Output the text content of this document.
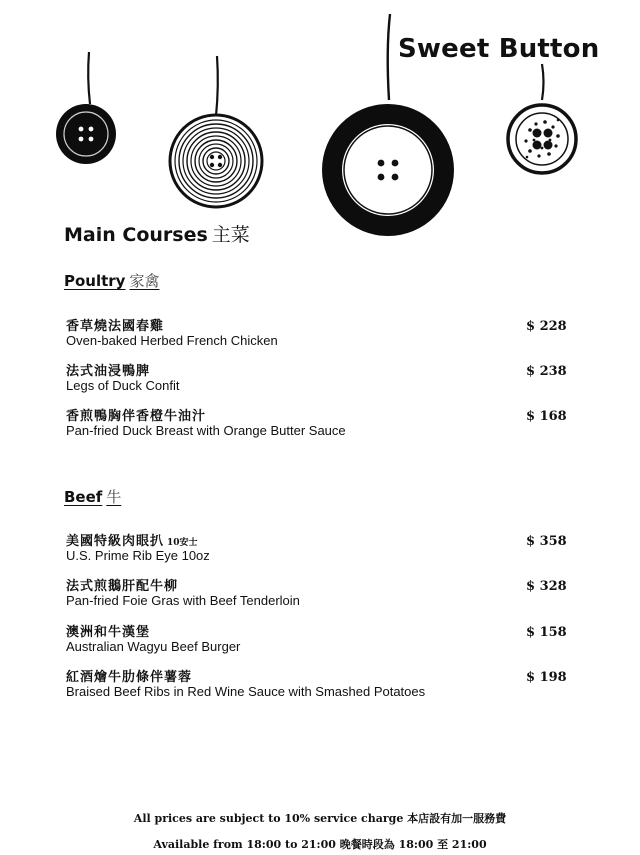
Sweet Button
Main Courses 主菜
Poultry 家禽
香草燒法國春雞
Oven-baked Herbed French Chicken
$ 228
法式油浸鴨脾
Legs of Duck Confit
$ 238
香煎鴨胸伴香橙牛油汁
Pan-fried Duck Breast with Orange Butter Sauce
$ 168
Beef 牛
美國特級肉眼扒 10安士
U.S. Prime Rib Eye 10oz
$ 358
法式煎鵝肝配牛柳
Pan-fried Foie Gras with Beef Tenderloin
$ 328
澳洲和牛漢堡
Australian Wagyu Beef Burger
$ 158
紅酒燴牛肋條伴薯蓉
Braised Beef Ribs in Red Wine Sauce with Smashed Potatoes
$ 198
All prices are subject to 10% service charge 本店設有加一服務費
Available from 18:00 to 21:00 晚餐時段為 18:00 至 21:00
